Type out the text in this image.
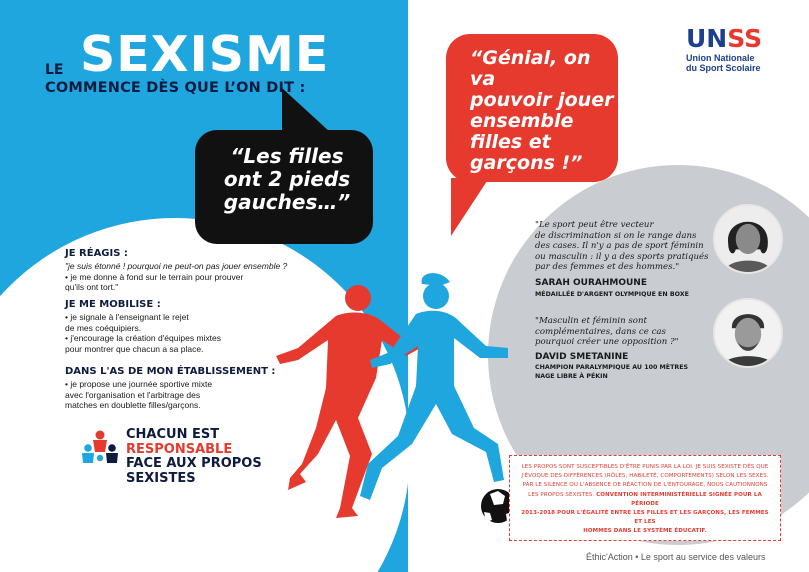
SEXISME
LE
COMMENCE DÈS QUE L’ON DIT :
“Les filles
ont 2 pieds
gauches…”
“Génial, on va
pouvoir jouer
ensemble
filles et
garçons !”
JE RÉAGIS :
"je suis étonné ! pourquoi ne peut-on pas jouer ensemble ?
• je me donne à fond sur le terrain pour prouver
qu'ils ont tort."
JE ME MOBILISE :
• je signale à l'enseignant le rejet
de mes coéquipiers.
• j'encourage la création d'équipes mixtes
pour montrer que chacun a sa place.
DANS L'AS DE MON ÉTABLISSEMENT :
• je propose une journée sportive mixte
avec l'organisation et l'arbitrage des
matches en doublette filles/garçons.
CHACUN EST
RESPONSABLE
FACE AUX PROPOS
SEXISTES
UNSS
Union Nationale
du Sport Scolaire
"Le sport peut être vecteur
de discrimination si on le range dans
des cases. Il n'y a pas de sport féminin
ou masculin : il y a des sports pratiqués
par des femmes et des hommes."
SARAH OURAHMOUNE
MÉDAILLÉE D'ARGENT OLYMPIQUE EN BOXE
"Masculin et féminin sont
complémentaires, dans ce cas
pourquoi créer une opposition ?"
DAVID SMETANINE
CHAMPION PARALYMPIQUE AU 100 MÈTRES
NAGE LIBRE À PÉKIN
LES PROPOS SONT SUSCEPTIBLES D'ÊTRE PUNIS PAR LA LOI. JE SUIS SEXISTE DÈS QUE
J'ÉVOQUE DES DIFFÉRENCES (RÔLES, HABILETÉ, COMPORTEMENTS) SELON LES SEXES.
PAR LE SILENCE OU L'ABSENCE DE RÉACTION DE L'ENTOURAGE, NOUS CAUTIONNONS
LES PROPOS SEXISTES. CONVENTION INTERMINISTÉRIELLE SIGNÉE POUR LA PÉRIODE
2013-2018 POUR L'ÉGALITÉ ENTRE LES FILLES ET LES GARÇONS, LES FEMMES ET LES
HOMMES DANS LE SYSTÈME ÉDUCATIF.
Éthic'Action • Le sport au service des valeurs
